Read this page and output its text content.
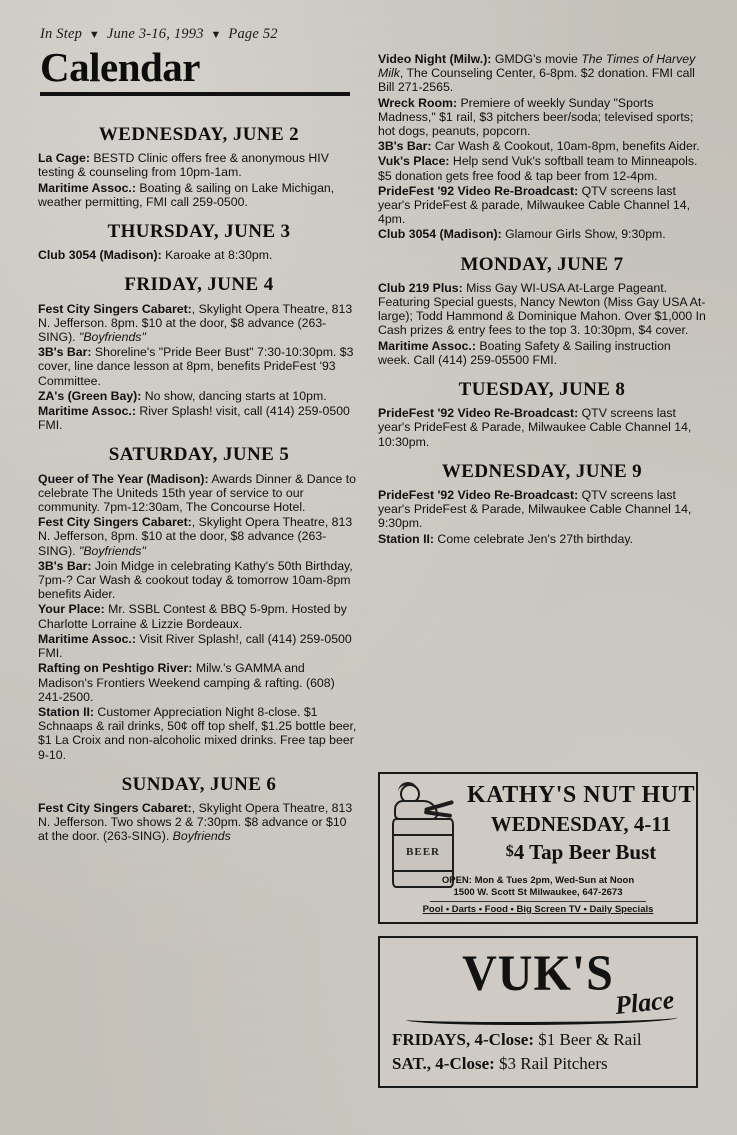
In Step ▼ June 3-16, 1993 ▼ Page 52
Calendar
WEDNESDAY, JUNE 2
La Cage: BESTD Clinic offers free & anonymous HIV testing & counseling from 10pm-1am.
Maritime Assoc.: Boating & sailing on Lake Michigan, weather permitting, FMI call 259-0500.
THURSDAY, JUNE 3
Club 3054 (Madison): Karoake at 8:30pm.
FRIDAY, JUNE 4
Fest City Singers Cabaret:, Skylight Opera Theatre, 813 N. Jefferson. 8pm. $10 at the door, $8 advance (263-SING). "Boyfriends"
3B's Bar: Shoreline's "Pride Beer Bust" 7:30-10:30pm. $3 cover, line dance lesson at 8pm, benefits PrideFest '93 Committee.
ZA's (Green Bay): No show, dancing starts at 10pm.
Maritime Assoc.: River Splash! visit, call (414) 259-0500 FMI.
SATURDAY, JUNE 5
Queer of The Year (Madison): Awards Dinner & Dance to celebrate The Uniteds 15th year of service to our community. 7pm-12:30am, The Concourse Hotel.
Fest City Singers Cabaret:, Skylight Opera Theatre, 813 N. Jefferson, 8pm. $10 at the door, $8 advance (263-SING). "Boyfriends"
3B's Bar: Join Midge in celebrating Kathy's 50th Birthday, 7pm-? Car Wash & cookout today & tomorrow 10am-8pm benefits Aider.
Your Place: Mr. SSBL Contest & BBQ 5-9pm. Hosted by Charlotte Lorraine & Lizzie Bordeaux.
Maritime Assoc.: Visit River Splash!, call (414) 259-0500 FMI.
Rafting on Peshtigo River: Milw.'s GAMMA and Madison's Frontiers Weekend camping & rafting. (608) 241-2500.
Station II: Customer Appreciation Night 8-close. $1 Schnaaps & rail drinks, 50¢ off top shelf, $1.25 bottle beer, $1 La Croix and non-alcoholic mixed drinks. Free tap beer 9-10.
SUNDAY, JUNE 6
Fest City Singers Cabaret:, Skylight Opera Theatre, 813 N. Jefferson. Two shows 2 & 7:30pm. $8 advance or $10 at the door. (263-SING). Boyfriends
Video Night (Milw.): GMDG's movie The Times of Harvey Milk, The Counseling Center, 6-8pm. $2 donation. FMI call Bill 271-2565.
Wreck Room: Premiere of weekly Sunday "Sports Madness," $1 rail, $3 pitchers beer/soda; televised sports; hot dogs, peanuts, popcorn.
3B's Bar: Car Wash & Cookout, 10am-8pm, benefits Aider.
Vuk's Place: Help send Vuk's softball team to Minneapols. $5 donation gets free food & tap beer from 12-4pm.
PrideFest '92 Video Re-Broadcast: QTV screens last year's PrideFest & parade, Milwaukee Cable Channel 14, 4pm.
Club 3054 (Madison): Glamour Girls Show, 9:30pm.
MONDAY, JUNE 7
Club 219 Plus: Miss Gay WI-USA At-Large Pageant. Featuring Special guests, Nancy Newton (Miss Gay USA At-large); Todd Hammond & Dominique Mahon. Over $1,000 In Cash prizes & entry fees to the top 3. 10:30pm, $4 cover.
Maritime Assoc.: Boating Safety & Sailing instruction week. Call (414) 259-05500 FMI.
TUESDAY, JUNE 8
PrideFest '92 Video Re-Broadcast: QTV screens last year's PrideFest & Parade, Milwaukee Cable Channel 14, 10:30pm.
WEDNESDAY, JUNE 9
PrideFest '92 Video Re-Broadcast: QTV screens last year's PrideFest & Parade, Milwaukee Cable Channel 14, 9:30pm.
Station II: Come celebrate Jen's 27th birthday.
BEER
KATHY'S NUT HUT
WEDNESDAY, 4-11
$4 Tap Beer Bust
OPEN: Mon & Tues 2pm, Wed-Sun at Noon
1500 W. Scott St Milwaukee, 647-2673
Pool • Darts • Food • Big Screen TV • Daily Specials
VUK'S
Place
FRIDAYS, 4-Close: $1 Beer & Rail
SAT., 4-Close: $3 Rail Pitchers
